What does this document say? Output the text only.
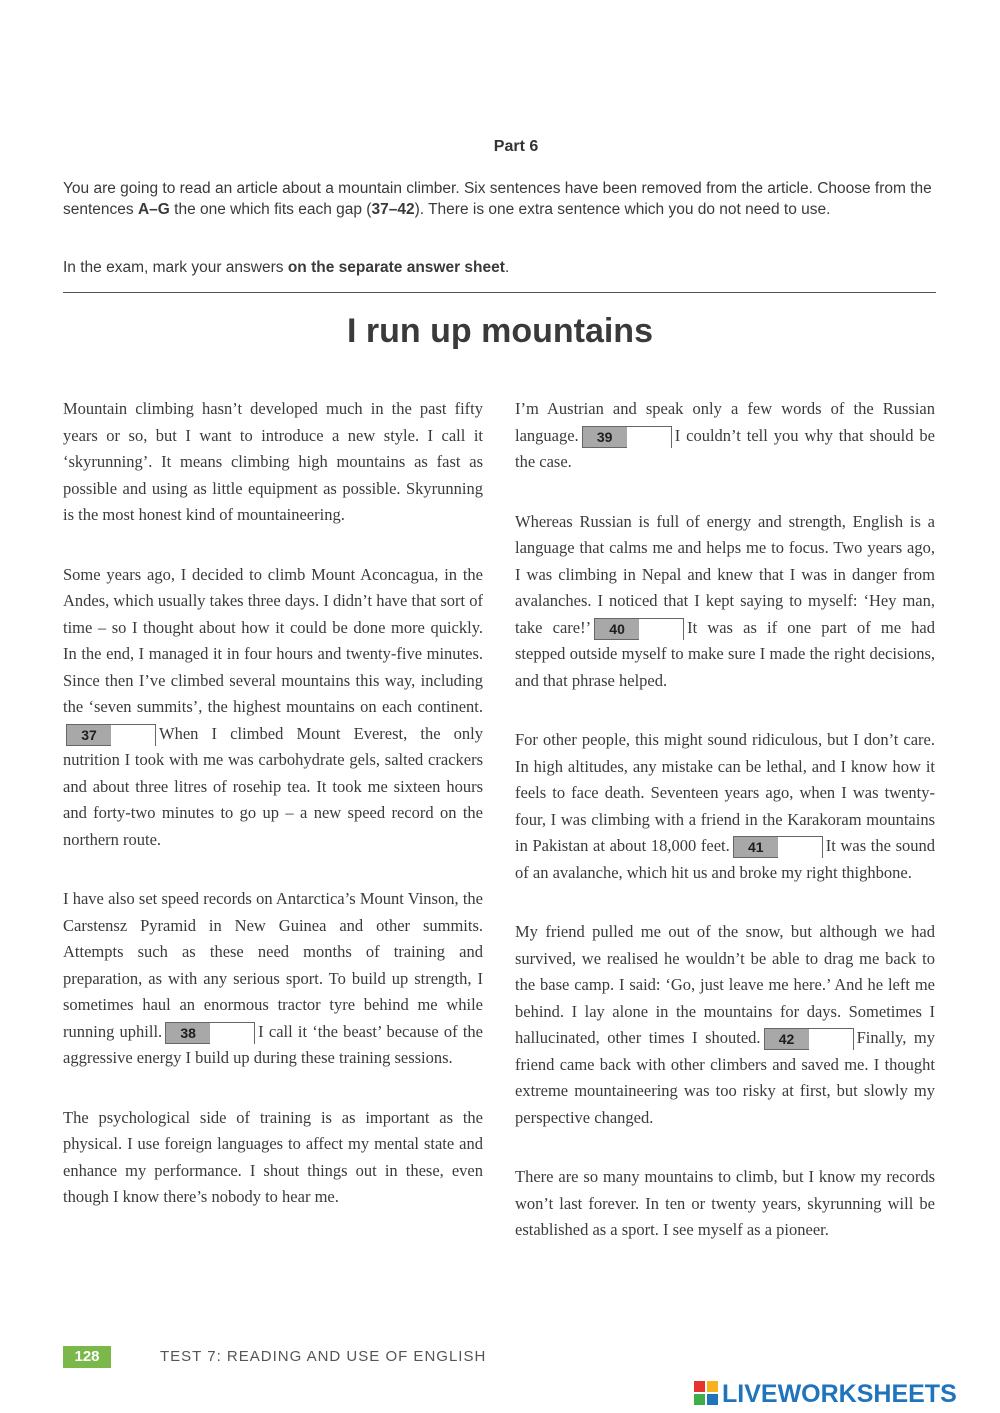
Part 6
You are going to read an article about a mountain climber. Six sentences have been removed from the article. Choose from the sentences A–G the one which fits each gap (37–42). There is one extra sentence which you do not need to use.
In the exam, mark your answers on the separate answer sheet.
I run up mountains

Mountain climbing hasn’t developed much in the past fifty years or so, but I want to introduce a new style. I call it ‘skyrunning’. It means climbing high mountains as fast as possible and using as little equipment as possible. Skyrunning is the most honest kind of mountaineering.

Some years ago, I decided to climb Mount Aconcagua, in the Andes, which usually takes three days. I didn’t have that sort of time – so I thought about how it could be done more quickly. In the end, I managed it in four hours and twenty-five minutes. Since then I’ve climbed several mountains this way, including the ‘seven summits’, the highest mountains on each continent.
37	When I climbed Mount Everest, the only nutrition I took with me was carbohydrate gels, salted crackers and about three litres of rosehip tea. It took me sixteen hours and forty-two minutes to go up – a new speed record on the northern route.

I have also set speed records on Antarctica’s Mount Vinson, the Carstensz Pyramid in New Guinea and other summits. Attempts such as these need months of training and preparation, as with any serious sport. To build up strength, I sometimes haul an enormous tractor tyre behind me while running uphill.	38	I call it ‘the beast’ because of the aggressive energy I build up during these training sessions.

The psychological side of training is as important as the physical. I use foreign languages to affect my mental state and enhance my performance. I shout things out in these, even though I know there’s nobody to hear me.

I’m Austrian and speak only a few words of the Russian language.	39	I couldn’t tell you why that should be the case.

Whereas Russian is full of energy and strength, English is a language that calms me and helps me to focus. Two years ago, I was climbing in Nepal and knew that I was in danger from avalanches. I noticed that I kept saying to myself: ‘Hey man, take care!’	40	It was as if one part of me had stepped outside myself to make sure I made the right decisions, and that phrase helped.

For other people, this might sound ridiculous, but I don’t care. In high altitudes, any mistake can be lethal, and I know how it feels to face death. Seventeen years ago, when I was twenty-four, I was climbing with a friend in the Karakoram mountains in Pakistan at about 18,000 feet.	41	It was the sound of an avalanche, which hit us and broke my right thighbone.

My friend pulled me out of the snow, but although we had survived, we realised he wouldn’t be able to drag me back to the base camp. I said: ‘Go, just leave me here.’ And he left me behind. I lay alone in the mountains for days. Sometimes I hallucinated, other times I shouted.	42	Finally, my friend came back with other climbers and saved me. I thought extreme mountaineering was too risky at first, but slowly my perspective changed.

There are so many mountains to climb, but I know my records won’t last forever. In ten or twenty years, skyrunning will be established as a sport. I see myself as a pioneer.

128	TEST 7: READING AND USE OF ENGLISH
LIVEWORKSHEETS
